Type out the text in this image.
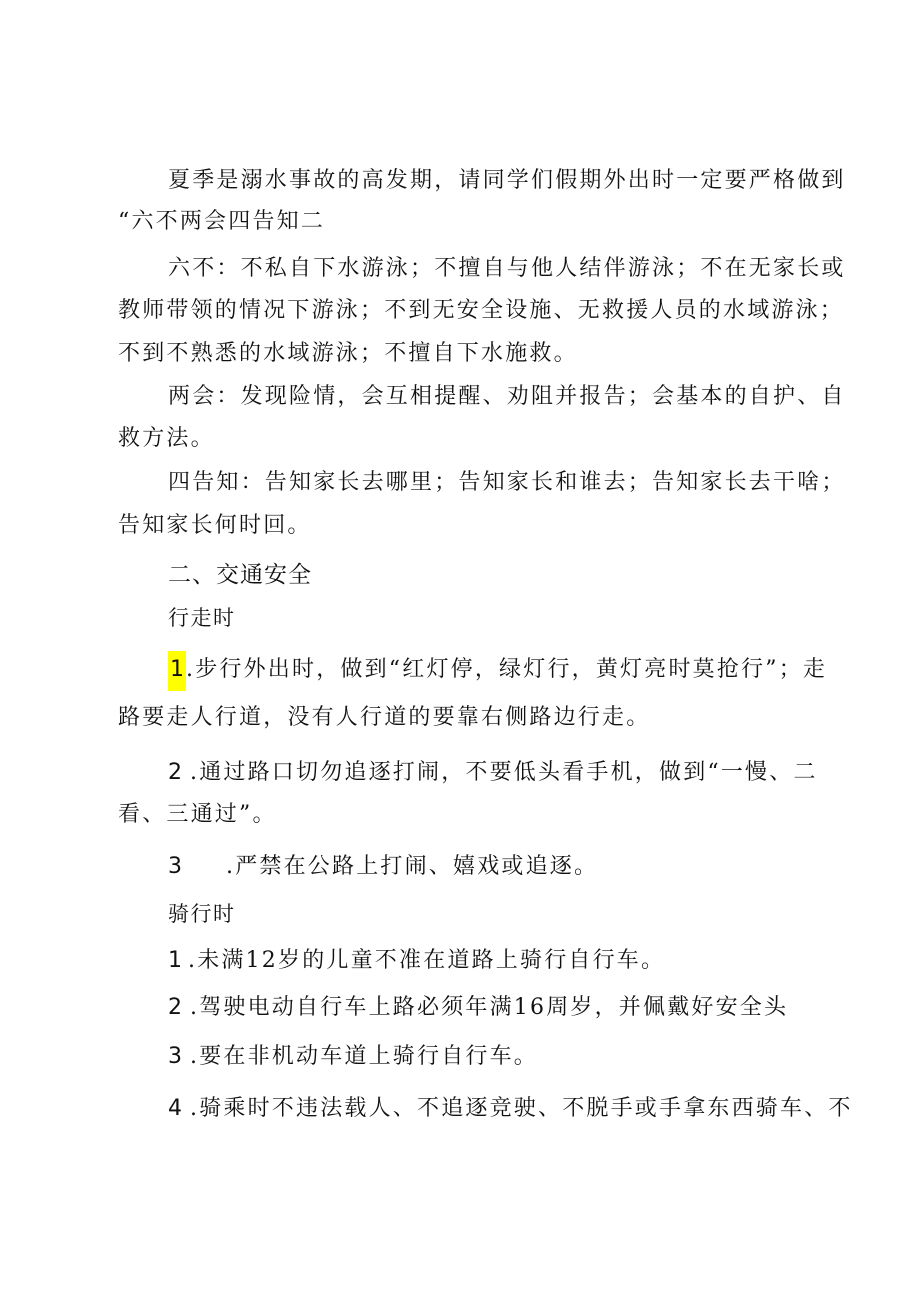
夏季是溺水事故的高发期，请同学们假期外出时一定要严格做到
“六不两会四告知二
六不：不私自下水游泳；不擅自与他人结伴游泳；不在无家长或
教师带领的情况下游泳；不到无安全设施、无救援人员的水域游泳；
不到不熟悉的水域游泳；不擅自下水施救。
两会：发现险情，会互相提醒、劝阻并报告；会基本的自护、自
救方法。
四告知：告知家长去哪里；告知家长和谁去；告知家长去干啥；
告知家长何时回。
二、交通安全
行走时
1.步行外出时，做到“红灯停，绿灯行，黄灯亮时莫抢行”；走
路要走人行道，没有人行道的要靠右侧路边行走。
2 .通过路口切勿追逐打闹，不要低头看手机，做到“一慢、二
看、三通过”。
3 .严禁在公路上打闹、嬉戏或追逐。
骑行时
1 .未满12岁的儿童不准在道路上骑行自行车。
2 .驾驶电动自行车上路必须年满16周岁，并佩戴好安全头
3 .要在非机动车道上骑行自行车。
4 .骑乘时不违法载人、不追逐竞驶、不脱手或手拿东西骑车、不
